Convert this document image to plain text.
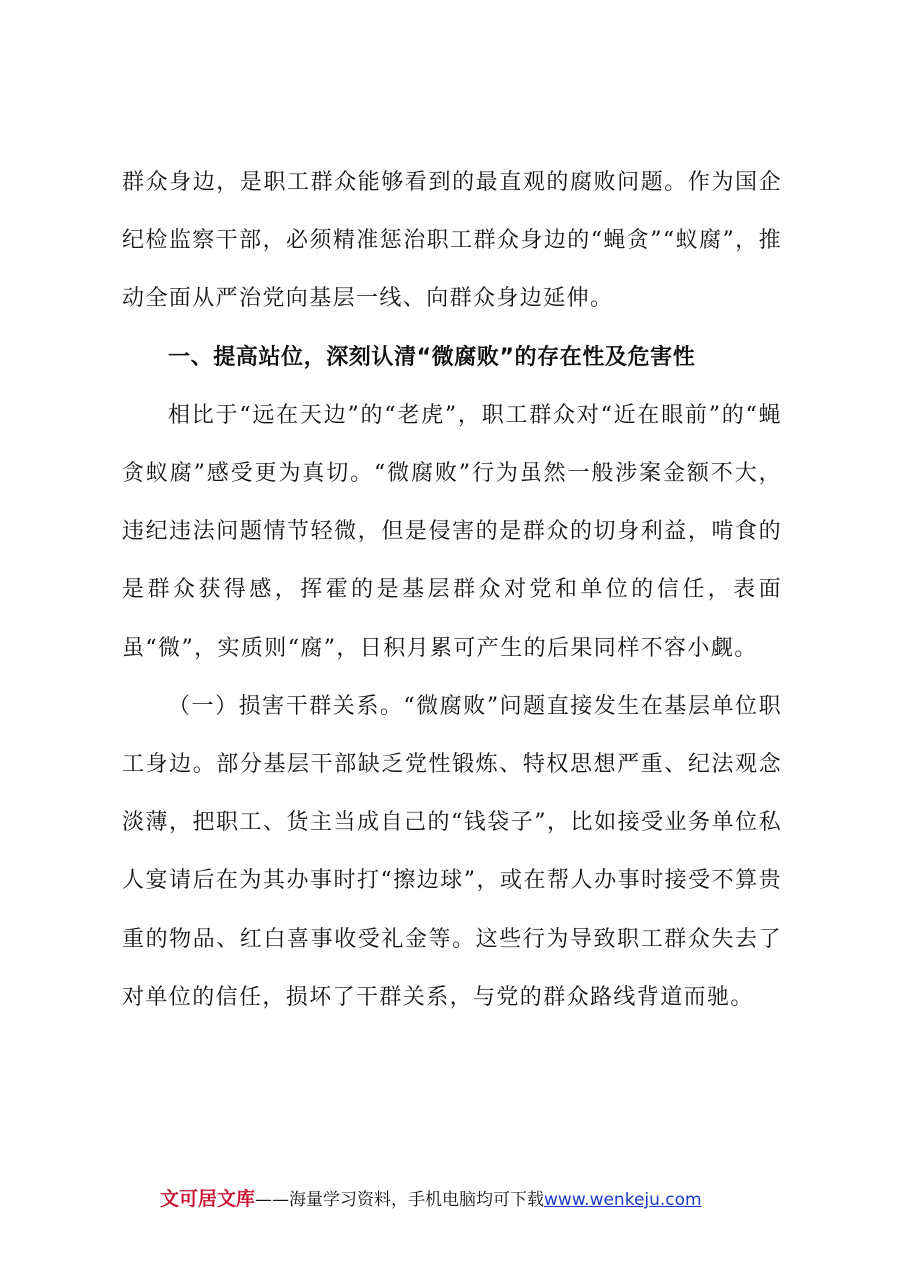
群众身边，是职工群众能够看到的最直观的腐败问题。作为国企纪检监察干部，必须精准惩治职工群众身边的“蝇贪”“蚁腐”，推动全面从严治党向基层一线、向群众身边延伸。

一、提高站位，深刻认清“微腐败”的存在性及危害性

相比于“远在天边”的“老虎”，职工群众对“近在眼前”的“蝇贪蚁腐”感受更为真切。“微腐败”行为虽然一般涉案金额不大，违纪违法问题情节轻微，但是侵害的是群众的切身利益，啃食的是群众获得感，挥霍的是基层群众对党和单位的信任，表面虽“微”，实质则“腐”，日积月累可产生的后果同样不容小觑。

（一）损害干群关系。“微腐败”问题直接发生在基层单位职工身边。部分基层干部缺乏党性锻炼、特权思想严重、纪法观念淡薄，把职工、货主当成自己的“钱袋子”，比如接受业务单位私人宴请后在为其办事时打“擦边球”，或在帮人办事时接受不算贵重的物品、红白喜事收受礼金等。这些行为导致职工群众失去了对单位的信任，损坏了干群关系，与党的群众路线背道而驰。

文可居文库——海量学习资料，手机电脑均可下载www.wenkeju.com
